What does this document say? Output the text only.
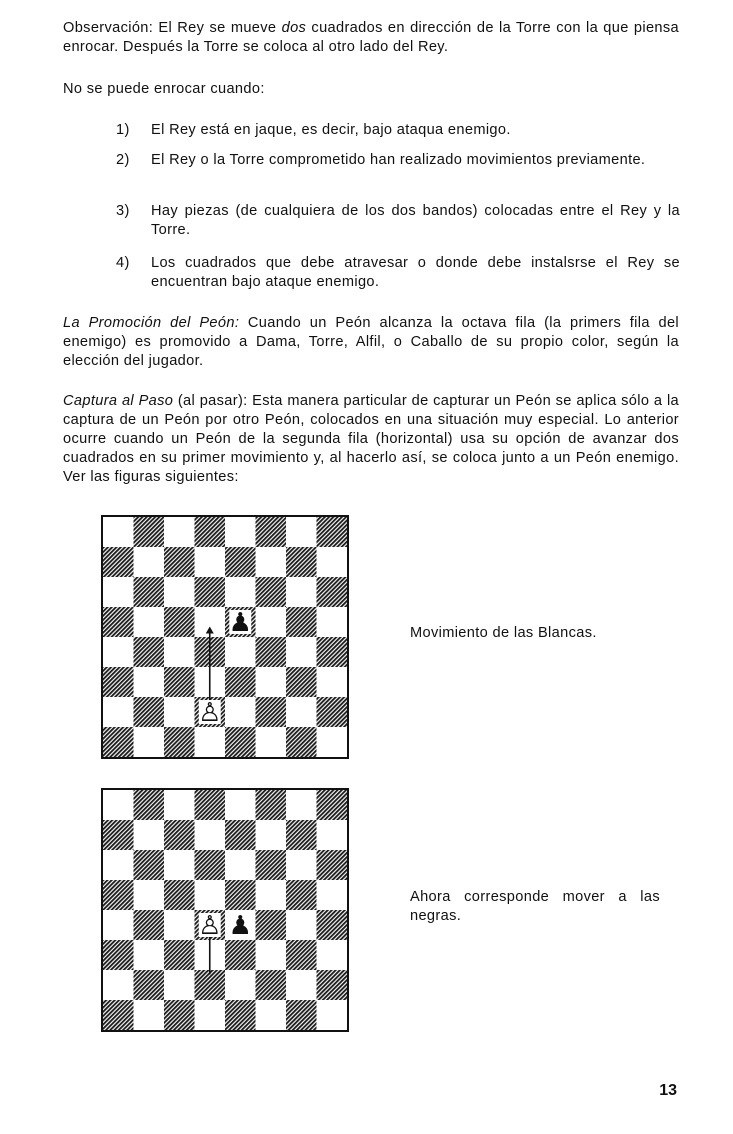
Observación: El Rey se mueve dos cuadrados en dirección de la Torre con la que piensa enrocar. Después la Torre se coloca al otro lado del Rey.

No se puede enrocar cuando:

1)	El Rey está en jaque, es decir, bajo ataqua enemigo.
2)	El Rey o la Torre comprometido han realizado movimientos previamente.
3)	Hay piezas (de cualquiera de los dos bandos) colocadas entre el Rey y la Torre.
4)	Los cuadrados que debe atravesar o donde debe instalsrse el Rey se encuentran bajo ataque enemigo.

La Promoción del Peón: Cuando un Peón alcanza la octava fila (la primers fila del enemigo) es promovido a Dama, Torre, Alfil, o Caballo de su propio color, según la elección del jugador.

Captura al Paso (al pasar): Esta manera particular de capturar un Peón se aplica sólo a la captura de un Peón por otro Peón, colocados en una situación muy especial. Lo anterior ocurre cuando un Peón de la segunda fila (horizontal) usa su opción de avanzar dos cuadrados en su primer movimiento y, al hacerlo así, se coloca junto a un Peón enemigo. Ver las figuras siguientes:

♟
♙
Movimiento de las Blancas.
♙ ♟
Ahora corresponde mover a las negras.
13
